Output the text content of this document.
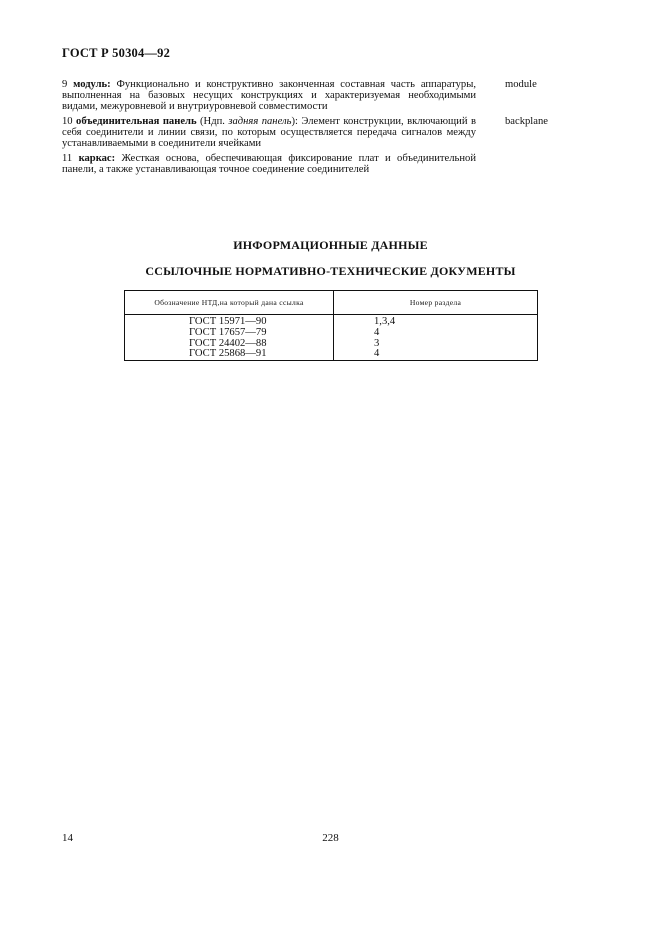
ГОСТ Р 50304—92
9 модуль: Функционально и конструктивно законченная составная часть аппаратуры, выполненная на базовых несущих конструкциях и характеризуемая необходимыми видами, межуровневой и внутриуровневой совместимости
module
10 объединительная панель (Ндп. задняя панель): Элемент конструкции, включающий в себя соединители и линии связи, по которым осуществляется передача сигналов между устанавливаемыми в соединители ячейками
backplane
11 каркас: Жесткая основа, обеспечивающая фиксирование плат и объединительной панели, а также устанавливающая точное соединение соединителей
ИНФОРМАЦИОННЫЕ ДАННЫЕ
ССЫЛОЧНЫЕ НОРМАТИВНО-ТЕХНИЧЕСКИЕ ДОКУМЕНТЫ
Обозначение НТД,на который дана ссылка	Номер раздела
ГОСТ 15971—90	1,3,4
ГОСТ 17657—79	4
ГОСТ 24402—88	3
ГОСТ 25868—91	4
14	228
